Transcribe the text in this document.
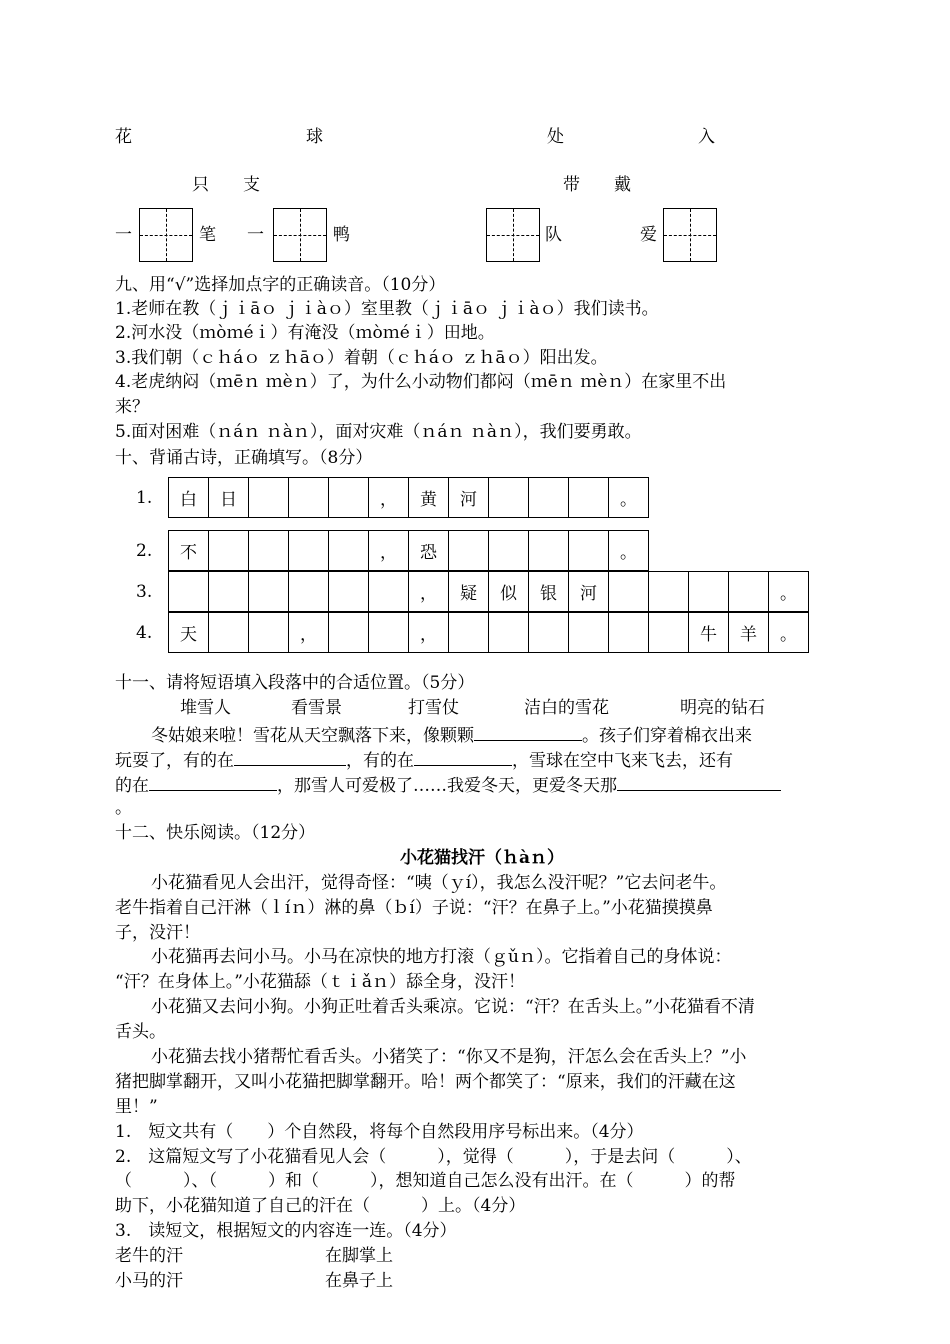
花	球	处	入
只　　支	带　　戴
一	笔 一	鸭	队	爱
九、用“√”选择加点字的正确读音。（10分）
1.老师在教（ｊｉāｏ ｊｉàｏ）室里教（ｊｉāｏ ｊｉàｏ）我们读书。
2.河水没（ｍòｍéｉ）有淹没（ｍòｍéｉ）田地。
3.我们朝（ｃｈáｏ ｚｈāｏ）着朝（ｃｈáｏ ｚｈāｏ）阳出发。
4.老虎纳闷（ｍēｎ ｍèｎ）了，为什么小动物们都闷（ｍēｎ ｍèｎ）在家里不出
来？
5.面对困难（ｎáｎ ｎàｎ），面对灾难（ｎáｎ ｎàｎ），我们要勇敢。
十、背诵古诗，正确填写。（8分）
1. 白	日				，	黄	河				。
2. 不					，	恐					。
3.
							，	疑	似	银	河					。
4. 天			，			，							牛	羊	。
十一、请将短语填入段落中的合适位置。（5分）
堆雪人	看雪景	打雪仗	洁白的雪花	明亮的钻石
冬姑娘来啦！雪花从天空飘落下来，像颗颗	。孩子们穿着棉衣出来
玩耍了，有的在	，有的在	，雪球在空中飞来飞去，还有
的在	，那雪人可爱极了……我爱冬天，更爱冬天那
。
十二、快乐阅读。（12分）
小花猫找汗（ｈàｎ）
小花猫看见人会出汗，觉得奇怪：“咦（ｙí），我怎么没汗呢？”它去问老牛。
老牛指着自己汗淋（ｌíｎ）淋的鼻（ｂí）子说：“汗？在鼻子上。”小花猫摸摸鼻
子，没汗！
小花猫再去问小马。小马在凉快的地方打滚（ｇǔｎ）。它指着自己的身体说：
“汗？在身体上。”小花猫舔（ｔｉǎｎ）舔全身，没汗！
小花猫又去问小狗。小狗正吐着舌头乘凉。它说：“汗？在舌头上。”小花猫看不清
舌头。
小花猫去找小猪帮忙看舌头。小猪笑了：“你又不是狗，汗怎么会在舌头上？”小
猪把脚掌翻开，又叫小花猫把脚掌翻开。哈！两个都笑了：“原来，我们的汗藏在这
里！”
1.　短文共有（　　）个自然段，将每个自然段用序号标出来。（4分）
2.　这篇短文写了小花猫看见人会（　　　），觉得（　　　），于是去问（　　　）、
（　　　）、（　　　）和（　　　），想知道自己怎么没有出汗。在（　　　）的帮
助下，小花猫知道了自己的汗在（　　　）上。（4分）
3.　读短文，根据短文的内容连一连。（4分）
老牛的汗	在脚掌上
小马的汗	在鼻子上
